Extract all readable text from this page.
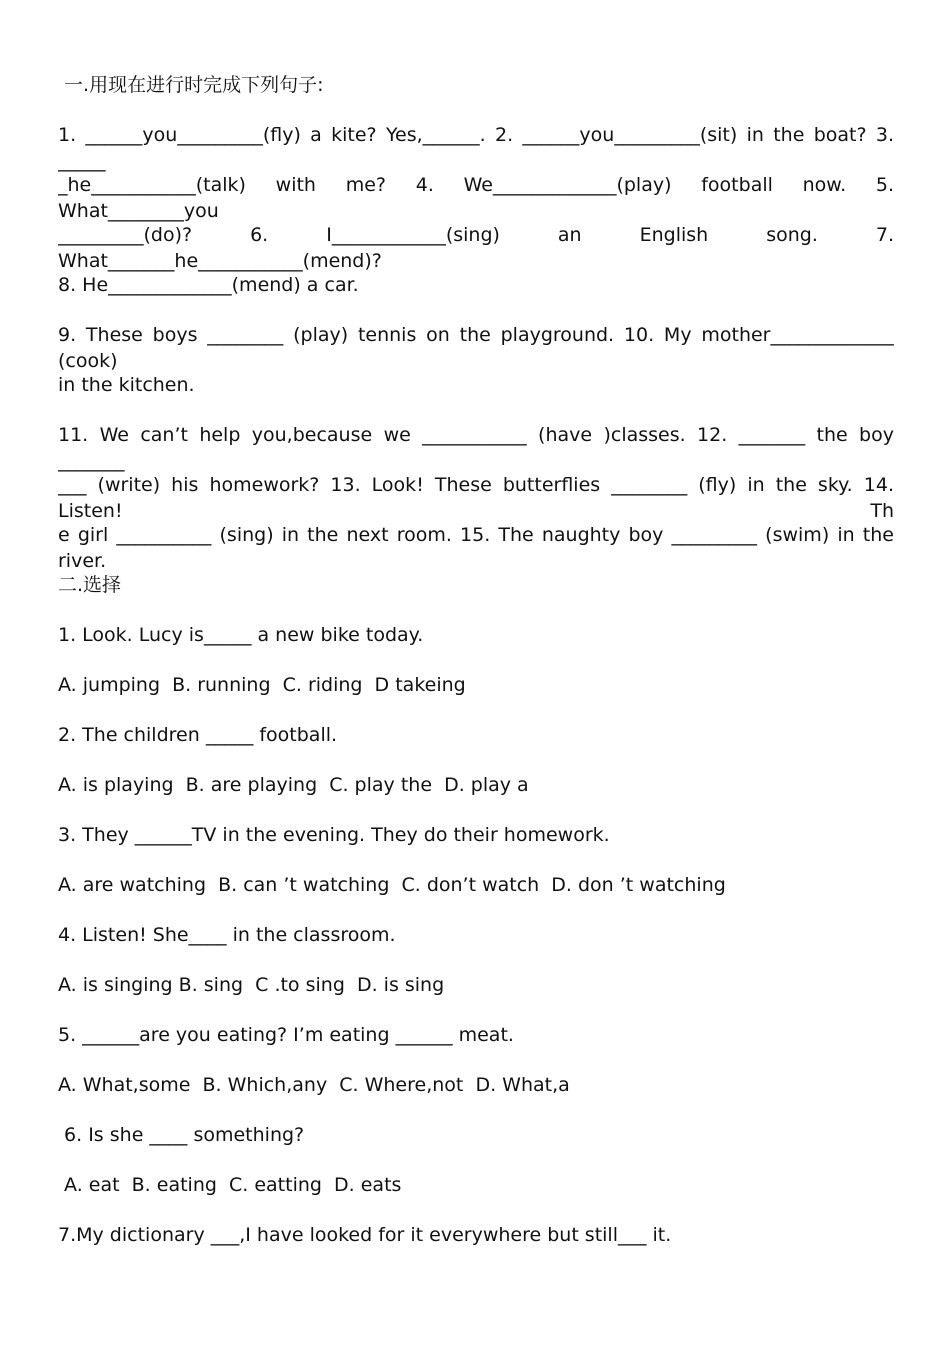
一.用现在进行时完成下列句子:
1. ______you_________(fly) a kite? Yes,______. 2. ______you_________(sit) in the boat? 3. _____
_he___________(talk) with me? 4. We_____________(play) football now. 5. What________you
_________(do)? 6. I____________(sing) an English song. 7. What_______he___________(mend)?
8. He_____________(mend) a car.
9. These boys ________ (play) tennis on the playground. 10. My mother_____________ (cook)
in the kitchen.
11. We can’t help you,because we ___________ (have )classes. 12. _______ the boy _______
___ (write) his homework? 13. Look! These butterflies ________ (fly) in the sky. 14. Listen! Th
e girl __________ (sing) in the next room. 15. The naughty boy _________ (swim) in the river.
二.选择
1. Look. Lucy is_____ a new bike today.
A. jumping  B. running  C. riding  D takeing
2. The children _____ football.
A. is playing  B. are playing  C. play the  D. play a
3. They ______TV in the evening. They do their homework.
A. are watching  B. can ’t watching  C. don’t watch  D. don ’t watching
4. Listen! She____ in the classroom.
A. is singing B. sing  C .to sing  D. is sing
5. ______are you eating? I’m eating ______ meat.
A. What,some  B. Which,any  C. Where,not  D. What,a
6. Is she ____ something?
A. eat  B. eating  C. eatting  D. eats
7.My dictionary ___,I have looked for it everywhere but still___ it.
